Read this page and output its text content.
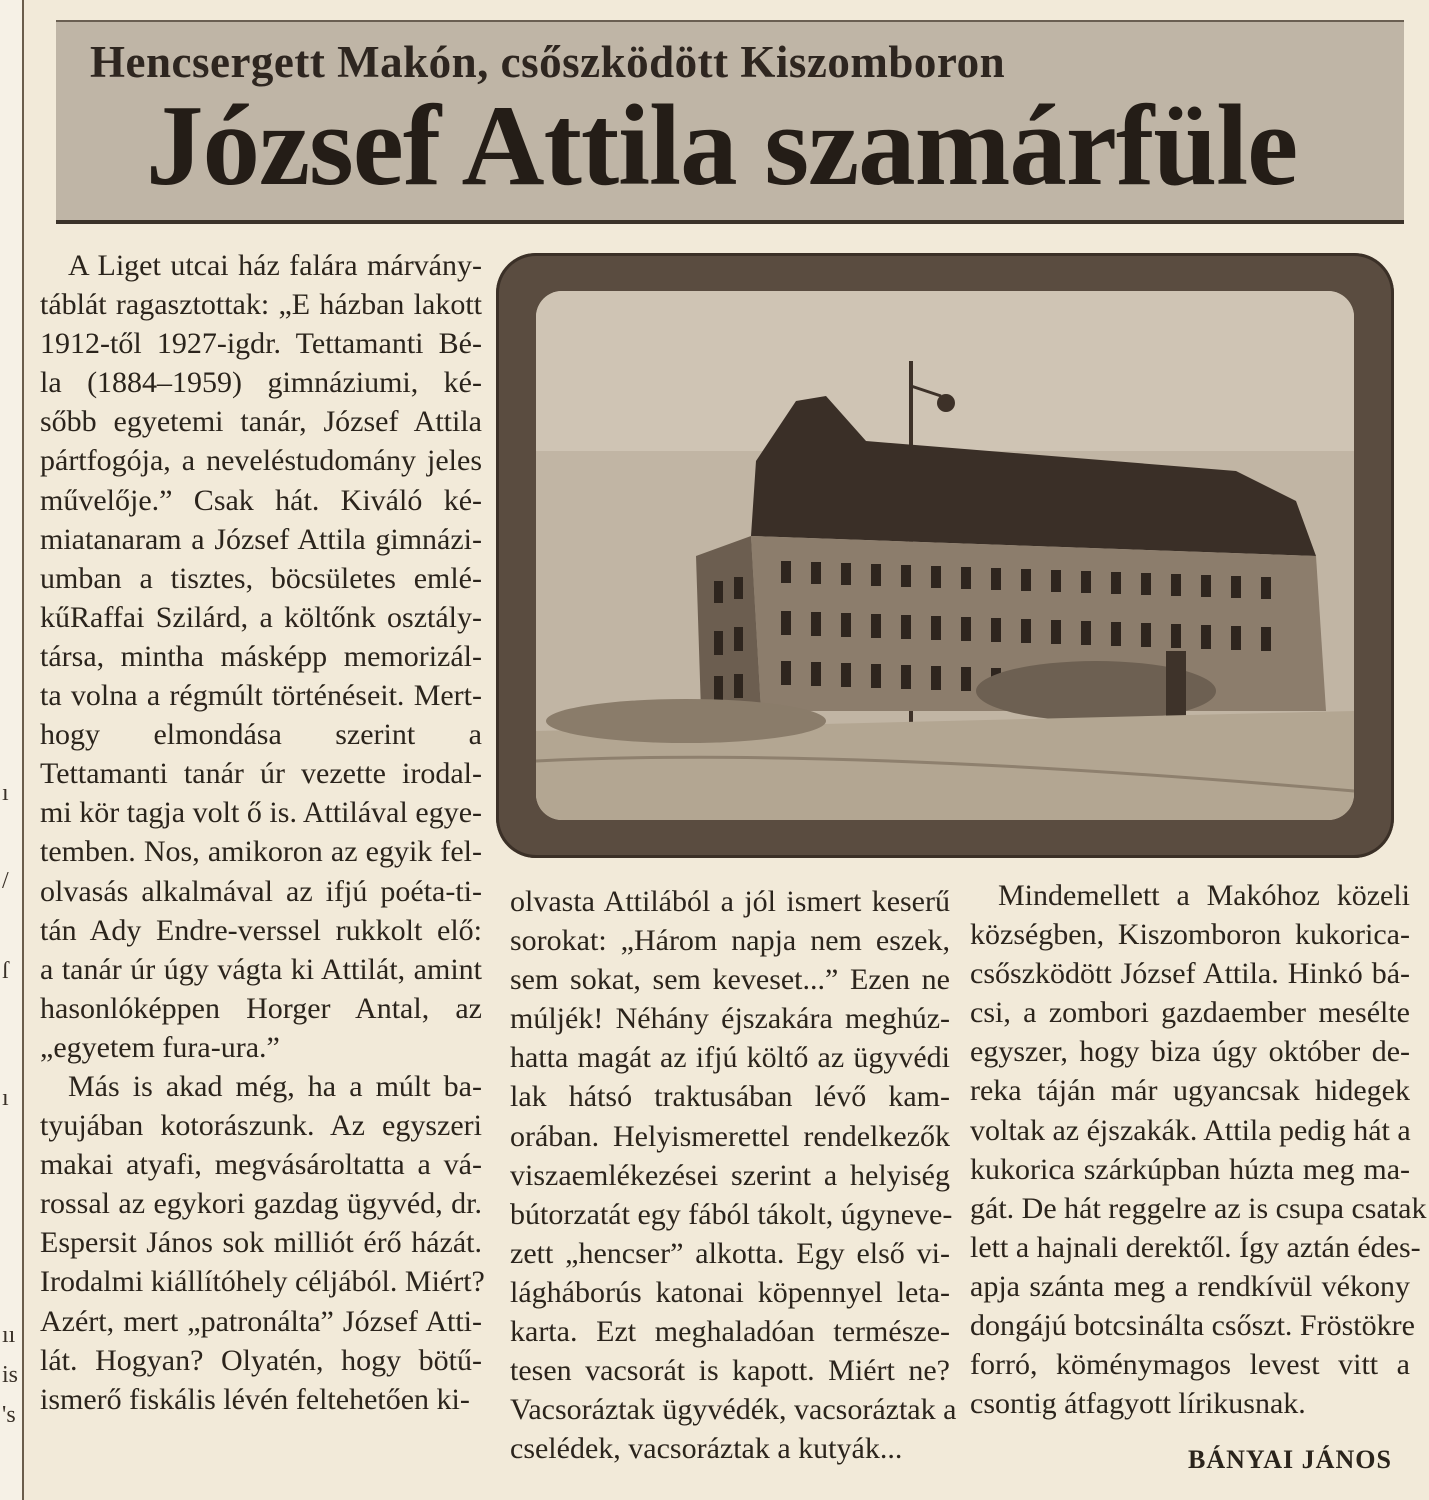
ı
/
ſ
ı
ıı
is
's
Hencsergett Makón, csőszködött Kiszomboron
József Attila szamárfüle
A Liget utcai ház falára márvány-
táblát ragasztottak: „E házban lakott
1912-től 1927-igdr. Tettamanti Bé-
la (1884–1959) gimnáziumi, ké-
sőbb egyetemi tanár, József Attila
pártfogója, a neveléstudomány jeles
művelője.” Csak hát. Kiváló ké-
miatanaram a József Attila gimnázi-
umban a tisztes, böcsületes emlé-
kűRaffai Szilárd, a költőnk osztály-
társa, mintha másképp memorizál-
ta volna a régmúlt történéseit. Mert-
hogy elmondása szerint a
Tettamanti tanár úr vezette irodal-
mi kör tagja volt ő is. Attilával egye-
temben. Nos, amikoron az egyik fel-
olvasás alkalmával az ifjú poéta-ti-
tán Ady Endre-verssel rukkolt elő:
a tanár úr úgy vágta ki Attilát, amint
hasonlóképpen Horger Antal, az
„egyetem fura-ura.”
Más is akad még, ha a múlt ba-
tyujában kotorászunk. Az egyszeri
makai atyafi, megvásároltatta a vá-
rossal az egykori gazdag ügyvéd, dr.
Espersit János sok milliót érő házát.
Irodalmi kiállítóhely céljából. Miért?
Azért, mert „patronálta” József Atti-
lát. Hogyan? Olyatén, hogy bötű-
ismerő fiskális lévén feltehetően ki-
olvasta Attilából a jól ismert keserű
sorokat: „Három napja nem eszek,
sem sokat, sem keveset...” Ezen ne
múljék! Néhány éjszakára meghúz-
hatta magát az ifjú költő az ügyvédi
lak hátsó traktusában lévő kam-
orában. Helyismerettel rendelkezők
viszaemlékezései szerint a helyiség
bútorzatát egy fából tákolt, úgyneve-
zett „hencser” alkotta. Egy első vi-
lágháborús katonai köpennyel leta-
karta. Ezt meghaladóan természe-
tesen vacsorát is kapott. Miért ne?
Vacsoráztak ügyvédék, vacsoráztak a
cselédek, vacsoráztak a kutyák...
Mindemellett a Makóhoz közeli
községben, Kiszomboron kukorica-
csőszködött József Attila. Hinkó bá-
csi, a zombori gazdaember mesélte
egyszer, hogy biza úgy október de-
reka táján már ugyancsak hidegek
voltak az éjszakák. Attila pedig hát a
kukorica szárkúpban húzta meg ma-
gát. De hát reggelre az is csupa csatak
lett a hajnali derektől. Így aztán édes-
apja szánta meg a rendkívül vékony
dongájú botcsinálta csőszt. Fröstökre
forró, köménymagos levest vitt a
csontig átfagyott lírikusnak.
BÁNYAI JÁNOS
